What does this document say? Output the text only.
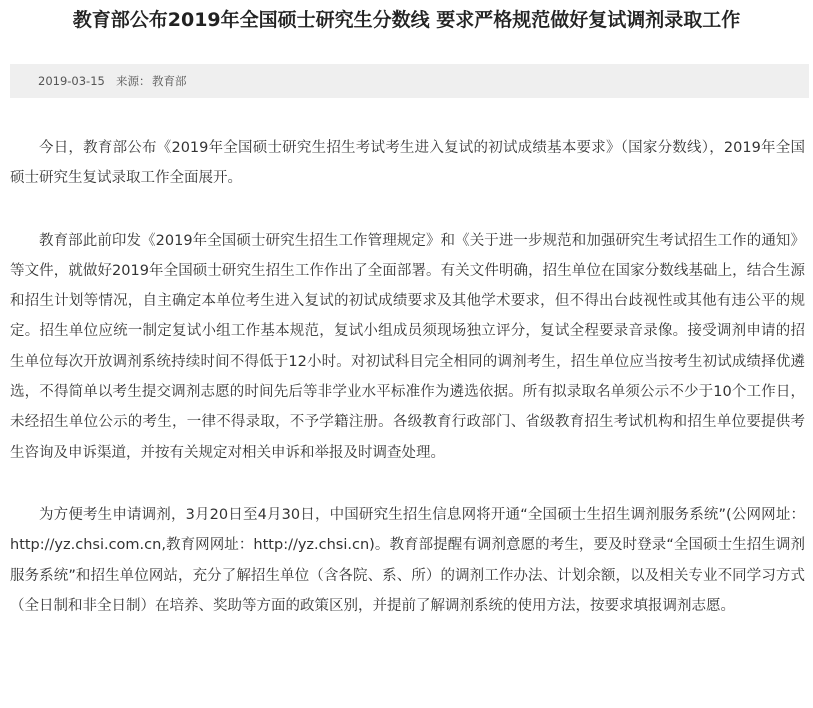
教育部公布2019年全国硕士研究生分数线 要求严格规范做好复试调剂录取工作
2019-03-15 来源： 教育部

今日，教育部公布《2019年全国硕士研究生招生考试考生进入复试的初试成绩基本要求》（国家分数线），2019年全国硕士研究生复试录取工作全面展开。

教育部此前印发《2019年全国硕士研究生招生工作管理规定》和《关于进一步规范和加强研究生考试招生工作的通知》等文件，就做好2019年全国硕士研究生招生工作作出了全面部署。有关文件明确，招生单位在国家分数线基础上，结合生源和招生计划等情况，自主确定本单位考生进入复试的初试成绩要求及其他学术要求，但不得出台歧视性或其他有违公平的规定。招生单位应统一制定复试小组工作基本规范，复试小组成员须现场独立评分，复试全程要录音录像。接受调剂申请的招生单位每次开放调剂系统持续时间不得低于12小时。对初试科目完全相同的调剂考生，招生单位应当按考生初试成绩择优遴选，不得简单以考生提交调剂志愿的时间先后等非学业水平标准作为遴选依据。所有拟录取名单须公示不少于10个工作日，未经招生单位公示的考生，一律不得录取，不予学籍注册。各级教育行政部门、省级教育招生考试机构和招生单位要提供考生咨询及申诉渠道，并按有关规定对相关申诉和举报及时调查处理。

为方便考生申请调剂，3月20日至4月30日，中国研究生招生信息网将开通“全国硕士生招生调剂服务系统”(公网网址：http://yz.chsi.com.cn,教育网网址：http://yz.chsi.cn)。教育部提醒有调剂意愿的考生，要及时登录“全国硕士生招生调剂服务系统”和招生单位网站，充分了解招生单位（含各院、系、所）的调剂工作办法、计划余额，以及相关专业不同学习方式（全日制和非全日制）在培养、奖助等方面的政策区别，并提前了解调剂系统的使用方法，按要求填报调剂志愿。
